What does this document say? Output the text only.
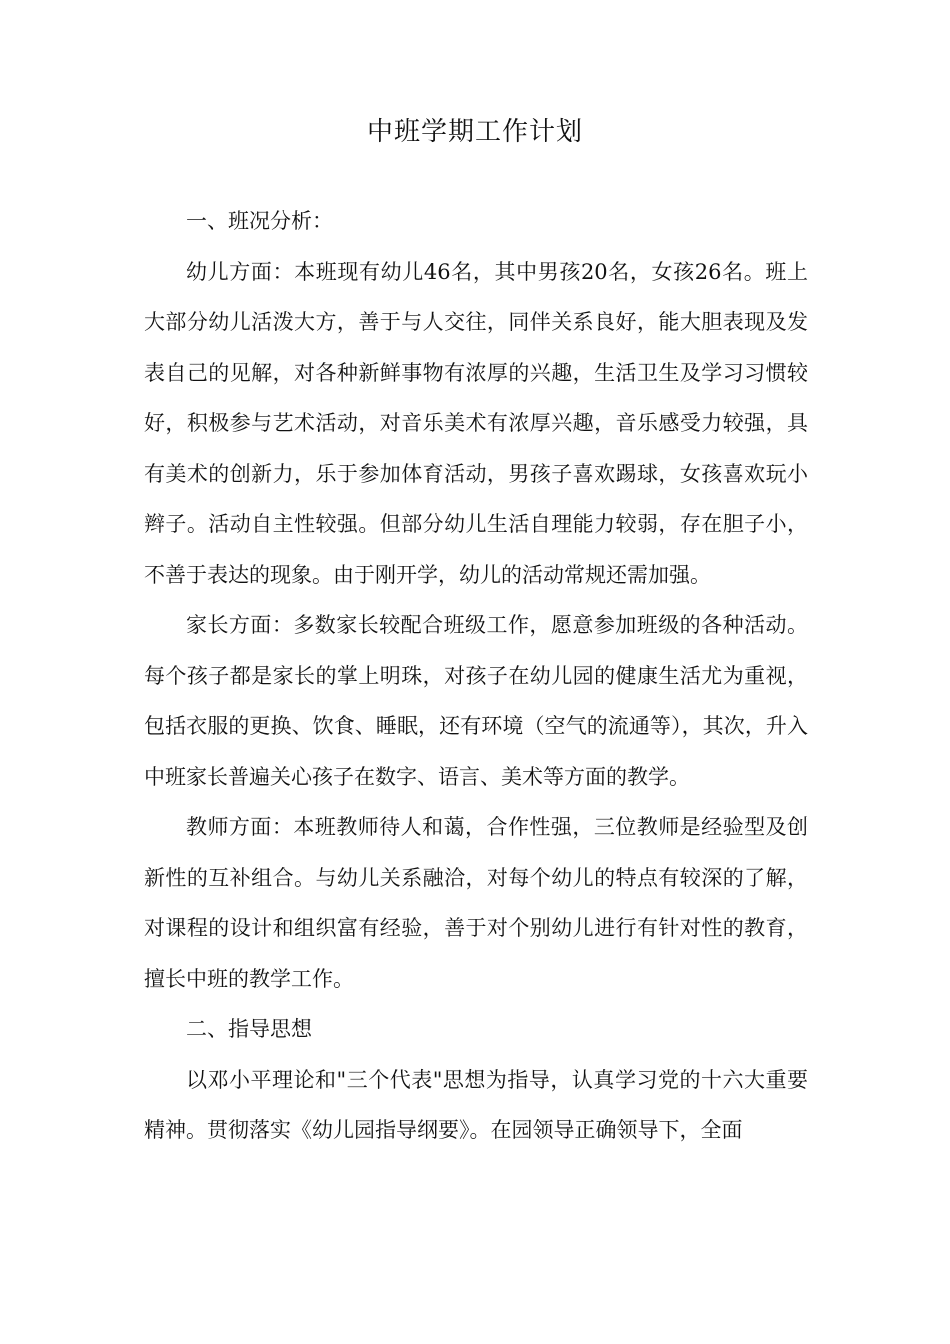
中班学期工作计划

一、班况分析：

幼儿方面：本班现有幼儿46名，其中男孩20名，女孩26名。班上大部分幼儿活泼大方，善于与人交往，同伴关系良好，能大胆表现及发表自己的见解，对各种新鲜事物有浓厚的兴趣，生活卫生及学习习惯较好，积极参与艺术活动，对音乐美术有浓厚兴趣，音乐感受力较强，具有美术的创新力，乐于参加体育活动，男孩子喜欢踢球，女孩喜欢玩小辫子。活动自主性较强。但部分幼儿生活自理能力较弱，存在胆子小，不善于表达的现象。由于刚开学，幼儿的活动常规还需加强。

家长方面：多数家长较配合班级工作，愿意参加班级的各种活动。每个孩子都是家长的掌上明珠，对孩子在幼儿园的健康生活尤为重视，包括衣服的更换、饮食、睡眠，还有环境（空气的流通等），其次，升入中班家长普遍关心孩子在数字、语言、美术等方面的教学。

教师方面：本班教师待人和蔼，合作性强，三位教师是经验型及创新性的互补组合。与幼儿关系融洽，对每个幼儿的特点有较深的了解，对课程的设计和组织富有经验，善于对个别幼儿进行有针对性的教育，擅长中班的教学工作。

二、指导思想

以邓小平理论和"三个代表"思想为指导，认真学习党的十六大重要精神。贯彻落实《幼儿园指导纲要》。在园领导正确领导下，全面
